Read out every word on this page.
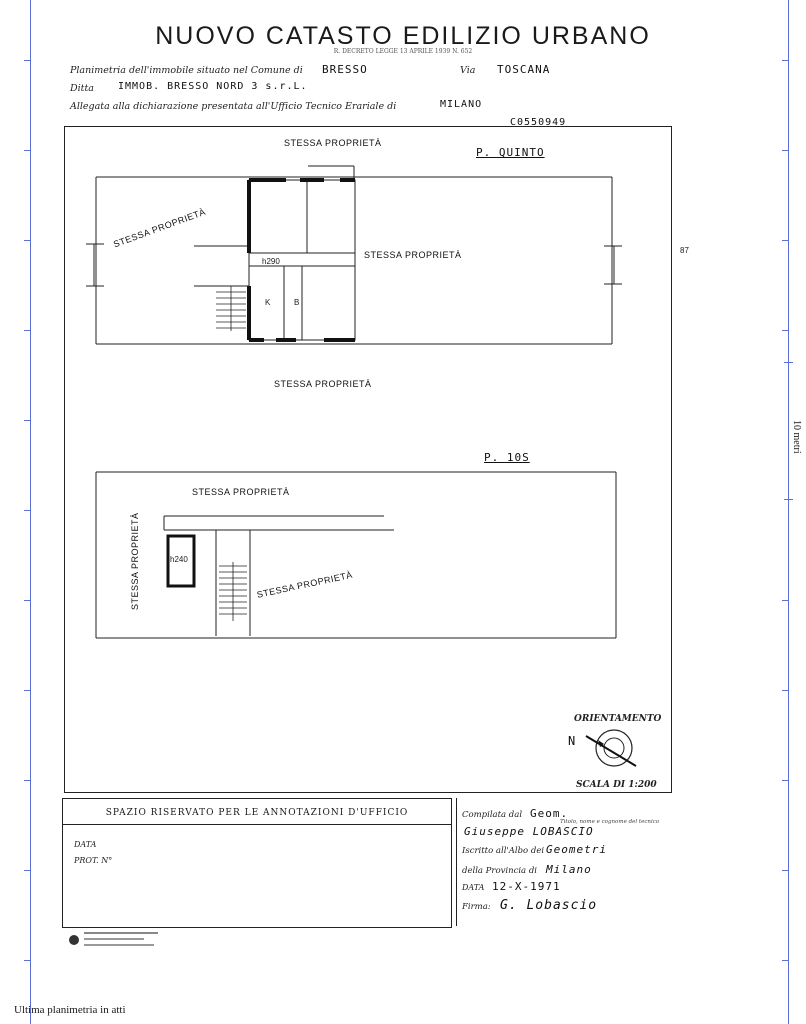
10 metri
NUOVO CATASTO EDILIZIO URBANO
R. DECRETO LEGGE 13 APRILE 1939 N. 652
Planimetria dell'immobile situato nel Comune di BRESSO	Via TOSCANA
Ditta IMMOB. BRESSO NORD 3 s.r.L.
Allegata alla dichiarazione presentata all'Ufficio Tecnico Erariale di	MILANO
C0550949
STESSA PROPRIETÀ
P. QUINTO
STESSA PROPRIETÀ
STESSA PROPRIETÀ
STESSA PROPRIETÀ
h290
K	B
87
P. 10S
STESSA PROPRIETÀ
STESSA PROPRIETÀ	STESSA PROPRIETÀ
h240
ORIENTAMENTO
N
SCALA DI 1:200
SPAZIO RISERVATO PER LE ANNOTAZIONI D'UFFICIO
DATA
PROT. N°
Compilata dal Geom.
Titolo, nome e cognome del tecnico
Giuseppe LOBASCIO
Iscritto all'Albo dei Geometri
della Provincia di Milano
DATA 12-X-1971
Firma: G. Lobascio
Ultima planimetria in atti
